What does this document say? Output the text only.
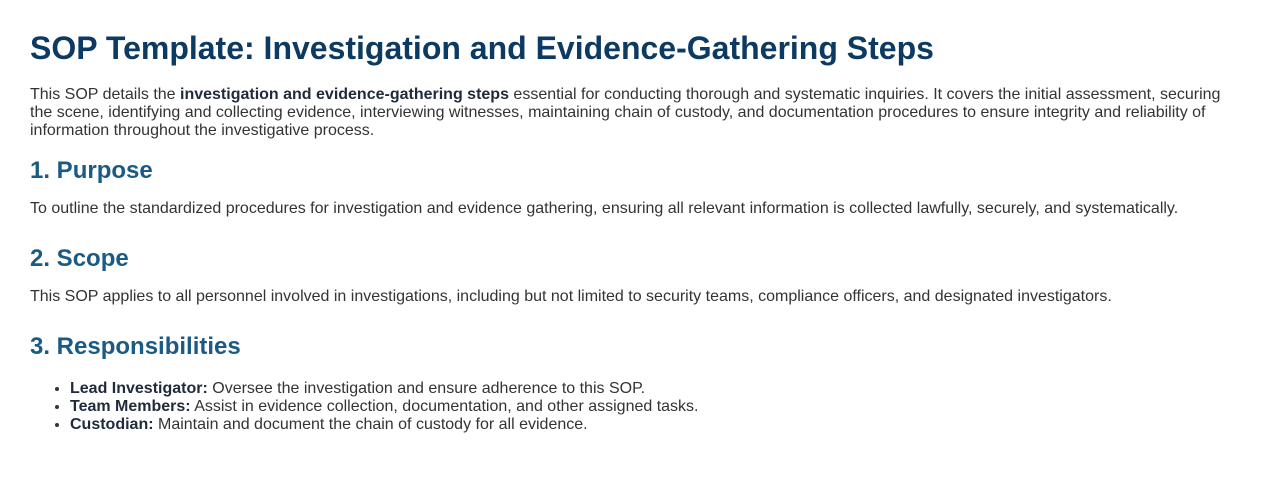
SOP Template: Investigation and Evidence-Gathering Steps

This SOP details the investigation and evidence-gathering steps essential for conducting thorough and systematic inquiries. It covers the initial assessment, securing the scene, identifying and collecting evidence, interviewing witnesses, maintaining chain of custody, and documentation procedures to ensure integrity and reliability of information throughout the investigative process.

1. Purpose

To outline the standardized procedures for investigation and evidence gathering, ensuring all relevant information is collected lawfully, securely, and systematically.

2. Scope

This SOP applies to all personnel involved in investigations, including but not limited to security teams, compliance officers, and designated investigators.

3. Responsibilities
• Lead Investigator: Oversee the investigation and ensure adherence to this SOP.
• Team Members: Assist in evidence collection, documentation, and other assigned tasks.
• Custodian: Maintain and document the chain of custody for all evidence.
